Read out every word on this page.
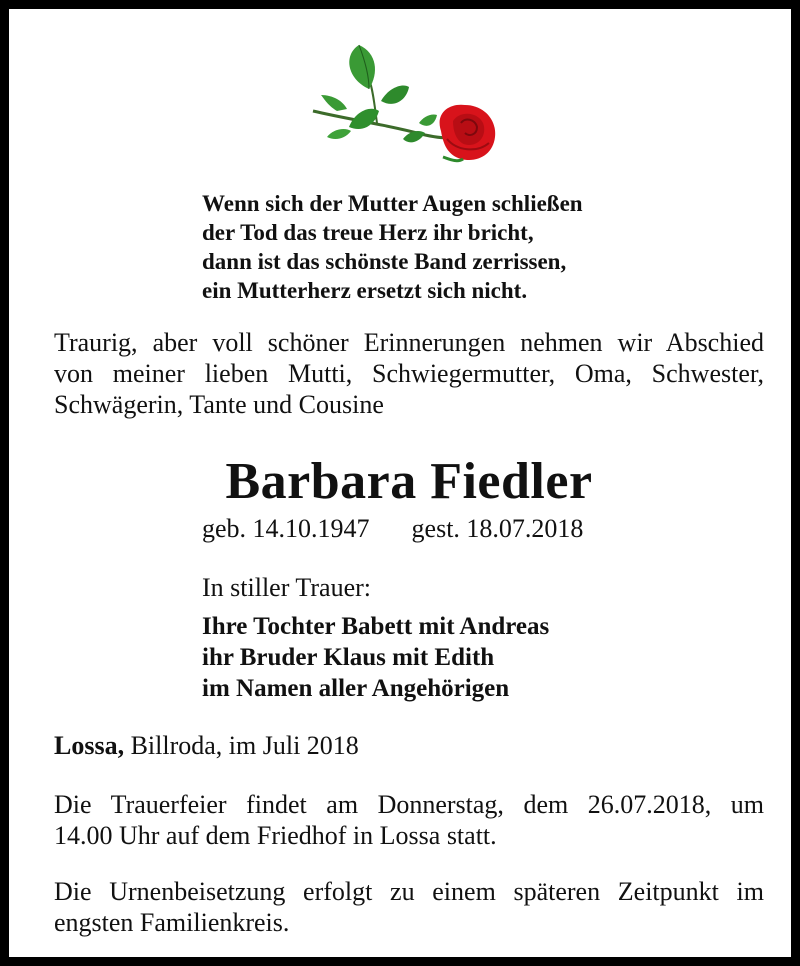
Wenn sich der Mutter Augen schließen
der Tod das treue Herz ihr bricht,
dann ist das schönste Band zerrissen,
ein Mutterherz ersetzt sich nicht.
Traurig, aber voll schöner Erinnerungen nehmen wir Abschied
von meiner lieben Mutti, Schwiegermutter, Oma, Schwester,
Schwägerin, Tante und Cousine
Barbara Fiedler
geb. 14.10.1947 gest. 18.07.2018
In stiller Trauer:
Ihre Tochter Babett mit Andreas
ihr Bruder Klaus mit Edith
im Namen aller Angehörigen
Lossa, Billroda, im Juli 2018
Die Trauerfeier findet am Donnerstag, dem 26.07.2018, um
14.00 Uhr auf dem Friedhof in Lossa statt.
Die Urnenbeisetzung erfolgt zu einem späteren Zeitpunkt im
engsten Familienkreis.
